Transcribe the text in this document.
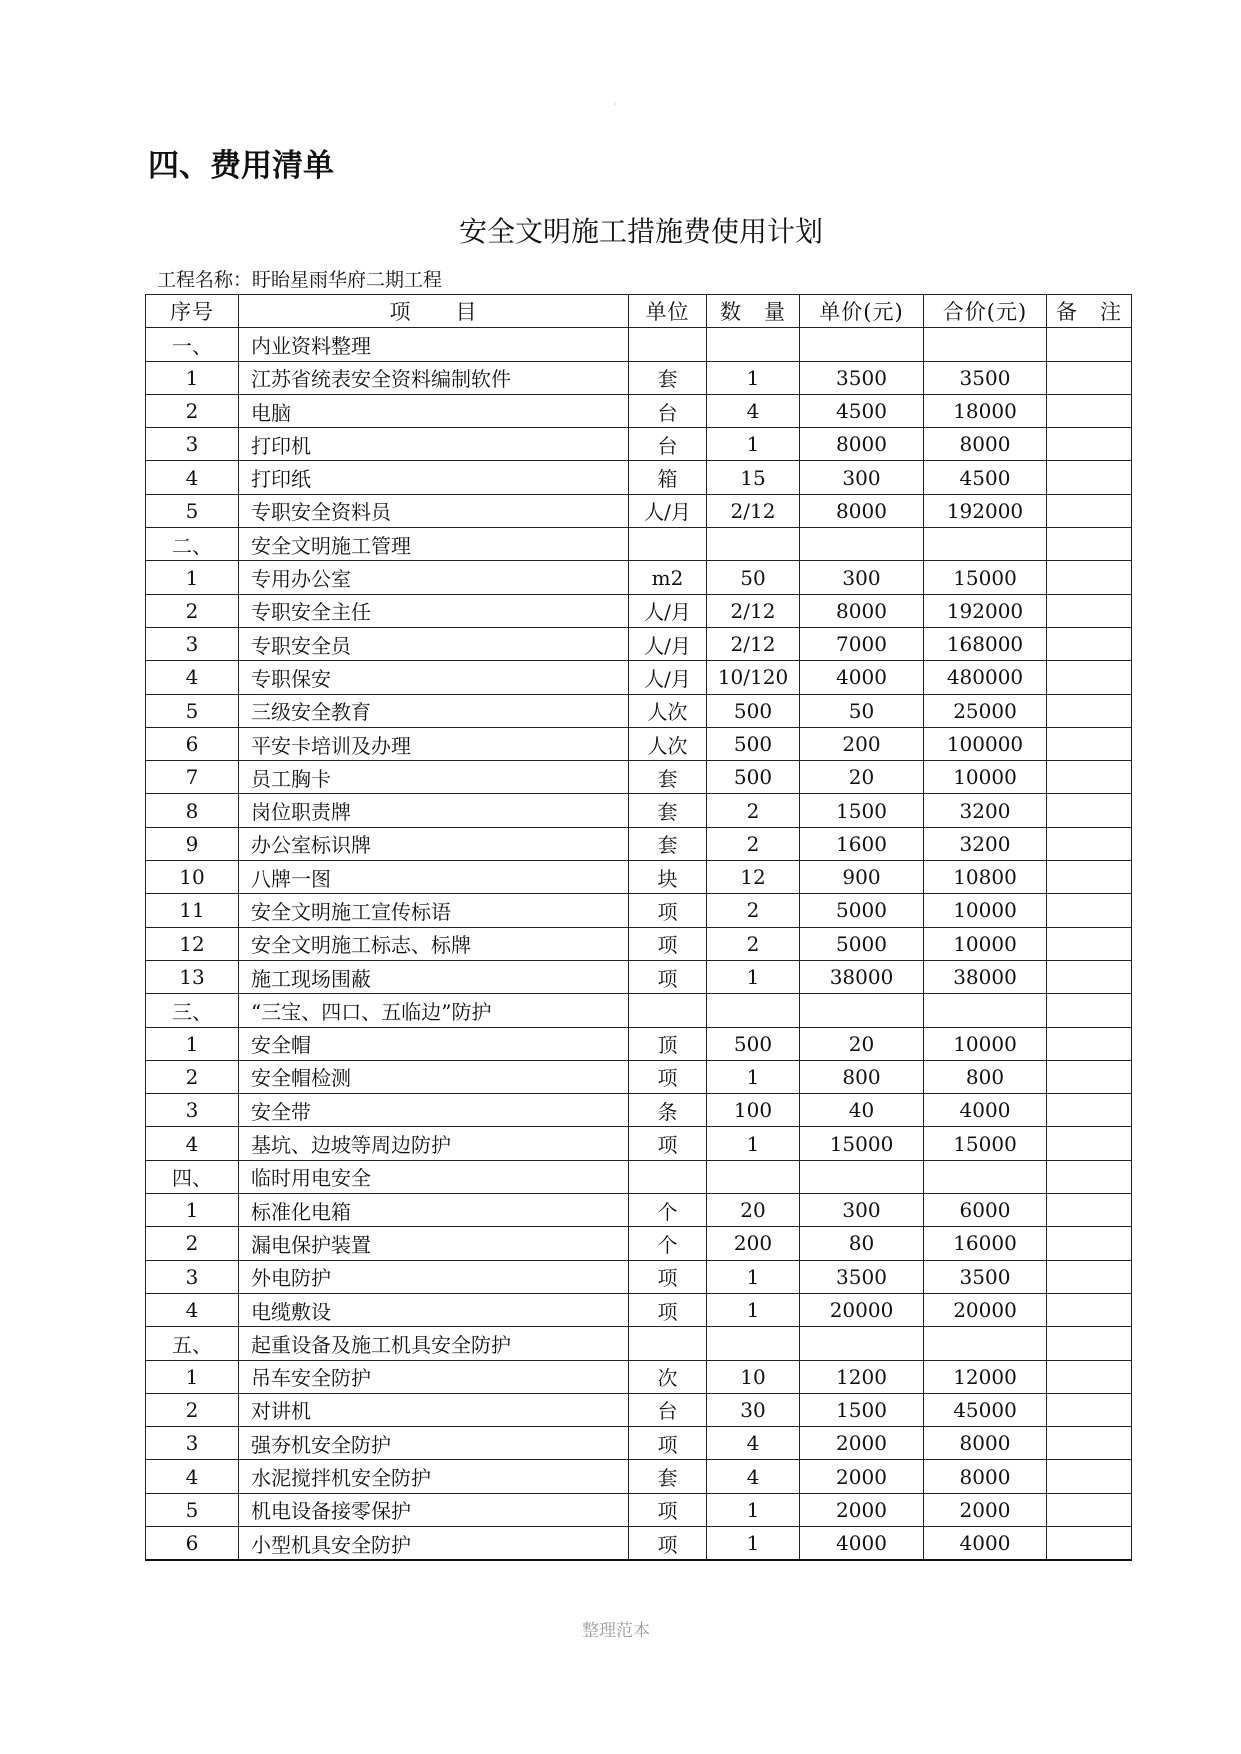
·
四、费用清单
安全文明施工措施费使用计划
工程名称：盱眙星雨华府二期工程
序号	项　　目	单位	数　量	单价(元)	合价(元)	备　注
一、	内业资料整理					
1	江苏省统表安全资料编制软件	套	1	3500	3500	
2	电脑	台	4	4500	18000	
3	打印机	台	1	8000	8000	
4	打印纸	箱	15	300	4500	
5	专职安全资料员	人/月	2/12	8000	192000	
二、	安全文明施工管理					
1	专用办公室	m2	50	300	15000	
2	专职安全主任	人/月	2/12	8000	192000	
3	专职安全员	人/月	2/12	7000	168000	
4	专职保安	人/月	10/120	4000	480000	
5	三级安全教育	人次	500	50	25000	
6	平安卡培训及办理	人次	500	200	100000	
7	员工胸卡	套	500	20	10000	
8	岗位职责牌	套	2	1500	3200	
9	办公室标识牌	套	2	1600	3200	
10	八牌一图	块	12	900	10800	
11	安全文明施工宣传标语	项	2	5000	10000	
12	安全文明施工标志、标牌	项	2	5000	10000	
13	施工现场围蔽	项	1	38000	38000	
三、	“三宝、四口、五临边”防护					
1	安全帽	顶	500	20	10000	
2	安全帽检测	项	1	800	800	
3	安全带	条	100	40	4000	
4	基坑、边坡等周边防护	项	1	15000	15000	
四、	临时用电安全					
1	标准化电箱	个	20	300	6000	
2	漏电保护装置	个	200	80	16000	
3	外电防护	项	1	3500	3500	
4	电缆敷设	项	1	20000	20000	
五、	起重设备及施工机具安全防护					
1	吊车安全防护	次	10	1200	12000	
2	对讲机	台	30	1500	45000	
3	强夯机安全防护	项	4	2000	8000	
4	水泥搅拌机安全防护	套	4	2000	8000	
5	机电设备接零保护	项	1	2000	2000	
6	小型机具安全防护	项	1	4000	4000	
整理范本
